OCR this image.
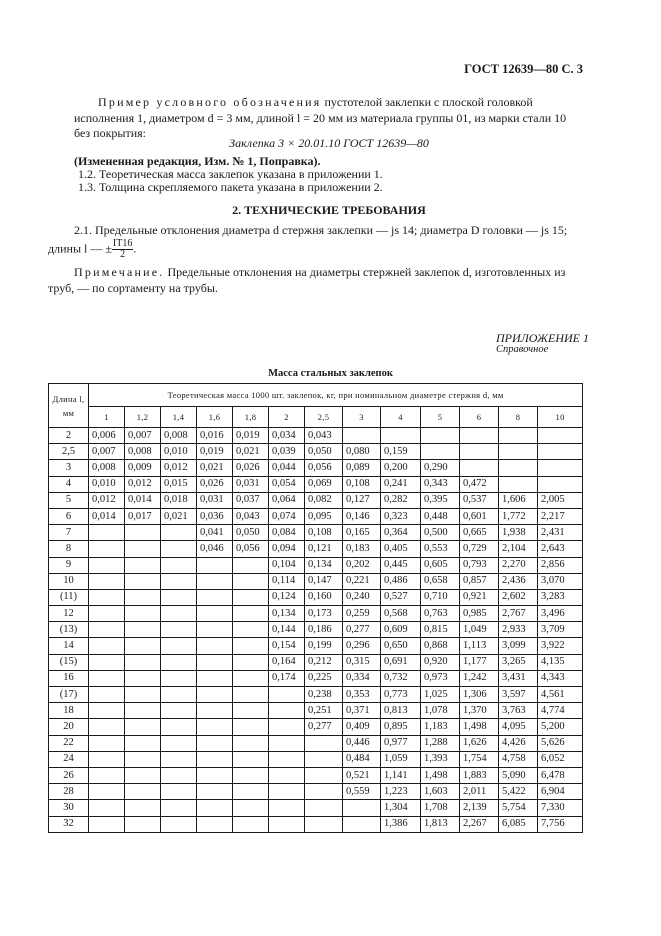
ГОСТ 12639—80 С. 3
Пример условного обозначения пустотелой заклепки с плоской головкой исполнения 1, диаметром d = 3 мм, длиной l = 20 мм из материала группы 01, из марки стали 10 без покрытия:
Заклепка 3 × 20.01.10 ГОСТ 12639—80
(Измененная редакция, Изм. № 1, Поправка).
1.2. Теоретическая масса заклепок указана в приложении 1.
1.3. Толщина скрепляемого пакета указана в приложении 2.
2. ТЕХНИЧЕСКИЕ ТРЕБОВАНИЯ
2.1. Предельные отклонения диаметра d стержня заклепки — js 14; диаметра D головки — js 15;
длины l — ± $\frac{IT16}{2}$ .
Примечание. Предельные отклонения на диаметры стержней заклепок d, изготовленных из труб, — по сортаменту на трубы.
ПРИЛОЖЕНИЕ 1
Справочное
Масса стальных заклепок
Длина l, мм	Теоретическая масса 1000 шт. заклепок, кг, при номинальном диаметре стержня d, мм												
	1	1,2	1,4	1,6	1,8	2	2,5	3	4	5	6	8	10
2	0,006	0,007	0,008	0,016	0,019	0,034	0,043						
2,5	0,007	0,008	0,010	0,019	0,021	0,039	0,050	0,080	0,159				
3	0,008	0,009	0,012	0,021	0,026	0,044	0,056	0,089	0,200	0,290			
4	0,010	0,012	0,015	0,026	0,031	0,054	0,069	0,108	0,241	0,343	0,472		
5	0,012	0,014	0,018	0,031	0,037	0,064	0,082	0,127	0,282	0,395	0,537	1,606	2,005
6	0,014	0,017	0,021	0,036	0,043	0,074	0,095	0,146	0,323	0,448	0,601	1,772	2,217
7				0,041	0,050	0,084	0,108	0,165	0,364	0,500	0,665	1,938	2,431
8				0,046	0,056	0,094	0,121	0,183	0,405	0,553	0,729	2,104	2,643
9						0,104	0,134	0,202	0,445	0,605	0,793	2,270	2,856
10						0,114	0,147	0,221	0,486	0,658	0,857	2,436	3,070
(11)						0,124	0,160	0,240	0,527	0,710	0,921	2,602	3,283
12						0,134	0,173	0,259	0,568	0,763	0,985	2,767	3,496
(13)						0,144	0,186	0,277	0,609	0,815	1,049	2,933	3,709
14						0,154	0,199	0,296	0,650	0,868	1,113	3,099	3,922
(15)						0,164	0,212	0,315	0,691	0,920	1,177	3,265	4,135
16						0,174	0,225	0,334	0,732	0,973	1,242	3,431	4,343
(17)							0,238	0,353	0,773	1,025	1,306	3,597	4,561
18							0,251	0,371	0,813	1,078	1,370	3,763	4,774
20							0,277	0,409	0,895	1,183	1,498	4,095	5,200
22								0,446	0,977	1,288	1,626	4,426	5,626
24								0,484	1,059	1,393	1,754	4,758	6,052
26								0,521	1,141	1,498	1,883	5,090	6,478
28								0,559	1,223	1,603	2,011	5,422	6,904
30									1,304	1,708	2,139	5,754	7,330
32									1,386	1,813	2,267	6,085	7,756
